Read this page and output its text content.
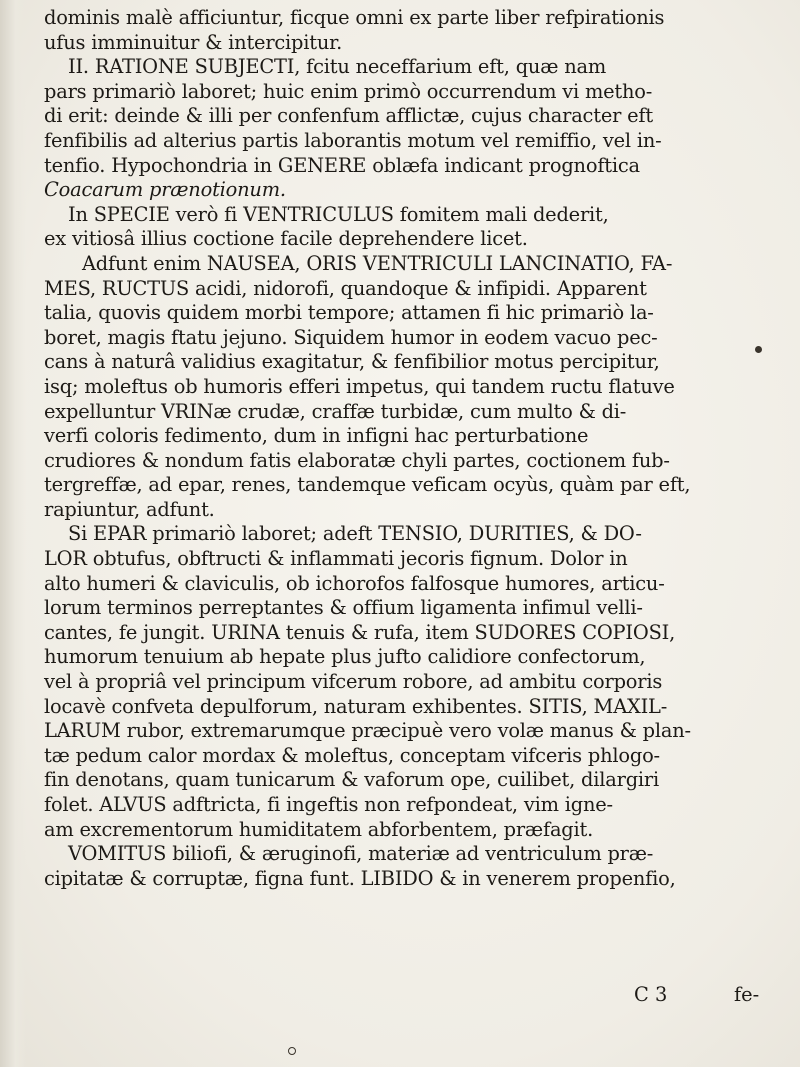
dominis malè afficiuntur, ficque omni ex parte liber refpirationis
ufus imminuitur & intercipitur.
II. RATIONE SUBJECTI, fcitu neceffarium eft, quæ nam
pars primariò laboret; huic enim primò occurrendum vi metho-
di erit: deinde & illi per confenfum afflictæ, cujus character eft
fenfibilis ad alterius partis laborantis motum vel remiffio, vel in-
tenfio. Hypochondria in GENERE oblæfa indicant prognoftica
Coacarum prænotionum.
In SPECIE verò fi VENTRICULUS fomitem mali dederit,
ex vitiosâ illius coctione facile deprehendere licet.
Adfunt enim NAUSEA, ORIS VENTRICULI LANCINATIO, FA-
MES, RUCTUS acidi, nidorofi, quandoque & infipidi. Apparent
talia, quovis quidem morbi tempore; attamen fi hic primariò la-
boret, magis ftatu jejuno. Siquidem humor in eodem vacuo pec-
cans à naturâ validius exagitatur, & fenfibilior motus percipitur,
isq; moleftus ob humoris efferi impetus, qui tandem ructu flatuve
expelluntur VRINæ crudæ, craffæ turbidæ, cum multo & di-
verfi coloris fedimento, dum in infigni hac perturbatione
crudiores & nondum fatis elaboratæ chyli partes, coctionem fub-
tergreffæ, ad epar, renes, tandemque veficam ocyùs, quàm par eft,
rapiuntur, adfunt.
Si EPAR primariò laboret; adeft TENSIO, DURITIES, & DO-
LOR obtufus, obftructi & inflammati jecoris fignum. Dolor in
alto humeri & claviculis, ob ichorofos falfosque humores, articu-
lorum terminos perreptantes & offium ligamenta infimul velli-
cantes, fe jungit. URINA tenuis & rufa, item SUDORES COPIOSI,
humorum tenuium ab hepate plus jufto calidiore confectorum,
vel à propriâ vel principum vifcerum robore, ad ambitu corporis
locavè confveta depulforum, naturam exhibentes. SITIS, MAXIL-
LARUM rubor, extremarumque præcipuè vero volæ manus & plan-
tæ pedum calor mordax & moleftus, conceptam vifceris phlogo-
fin denotans, quam tunicarum & vaforum ope, cuilibet, dilargiri
folet. ALVUS adftricta, fi ingeftis non refpondeat, vim igne-
am excrementorum humiditatem abforbentem, præfagit.
VOMITUS biliofi, & æruginofi, materiæ ad ventriculum præ-
cipitatæ & corruptæ, figna funt. LIBIDO & in venerem propenfio,
C 3	fe-
